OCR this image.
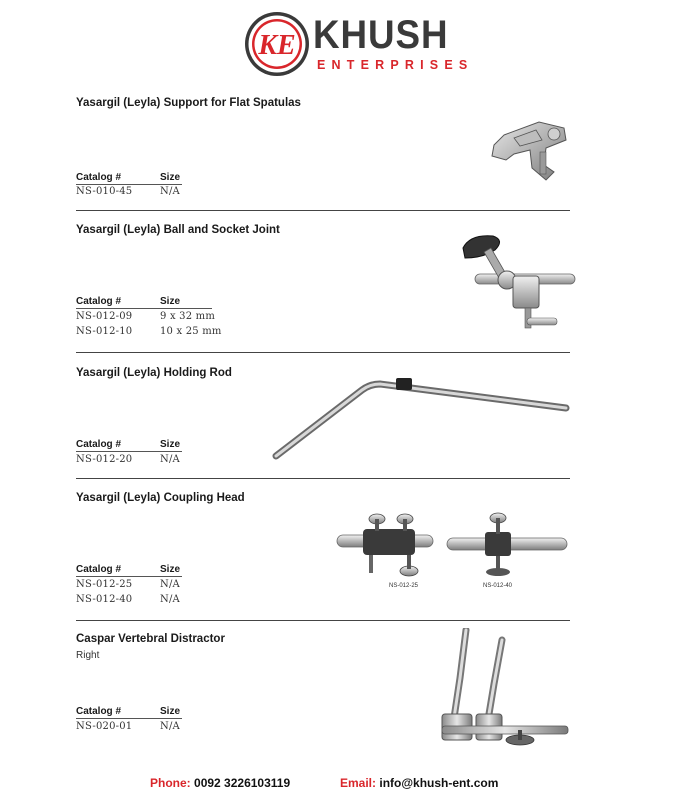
KE KHUSH
ENTERPRISES
Yasargil (Leyla) Support for Flat Spatulas
Catalog #	Size
NS-010-45	N/A
Yasargil (Leyla) Ball and Socket Joint
Catalog #	Size
NS-012-09	9 x 32 mm
NS-012-10	10 x 25 mm
Yasargil (Leyla) Holding Rod
Catalog #	Size
NS-012-20	N/A
Yasargil (Leyla) Coupling Head
Catalog #	Size
NS-012-25	N/A
NS-012-40	N/A
NS-012-25	NS-012-40
Caspar Vertebral Distractor
Right
Catalog #	Size
NS-020-01	N/A
Phone: 0092 3226103119	Email: info@khush-ent.com
